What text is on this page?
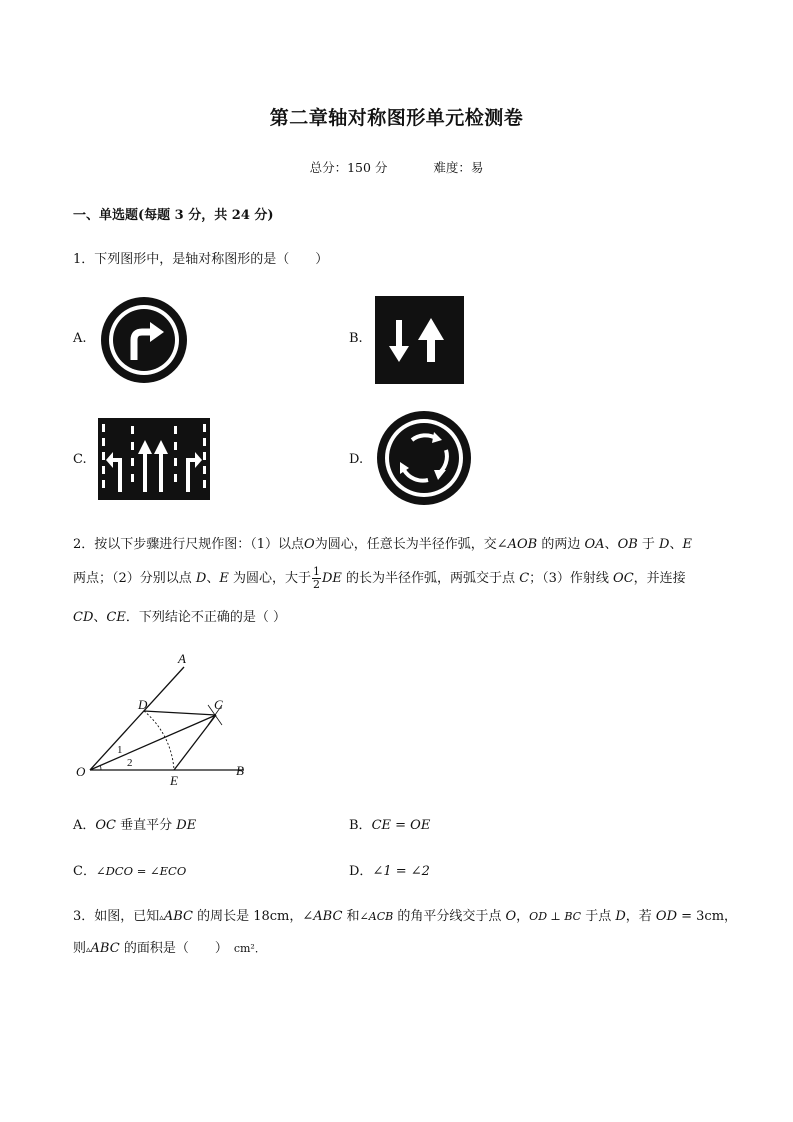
第二章轴对称图形单元检测卷
总分：150 分	难度：易
一、单选题(每题 3 分，共 24 分)
1．下列图形中，是轴对称图形的是（　　）
A.	B.
C.	D.
2．按以下步骤进行尺规作图：（1）以点O为圆心，任意长为半径作弧，交∠AOB 的两边 OA、OB 于 D、E
两点；（2）分别以点 D、E 为圆心，大于 $\frac{1}{2}$ DE 的长为半径作弧，两弧交于点 C；（3）作射线 OC，并连接
CD、CE．下列结论不正确的是（ ）
A
B
C
D
E
O
1
2
A．OC 垂直平分 DE	B．CE = OE
C．∠DCO = ∠ECO	D．∠1 = ∠2
3．如图，已知▵ABC 的周长是 18cm，∠ABC 和∠ACB 的角平分线交于点 O，OD ⊥ BC 于点 D，若 OD = 3cm，
则▵ABC 的面积是（　　） cm²．
